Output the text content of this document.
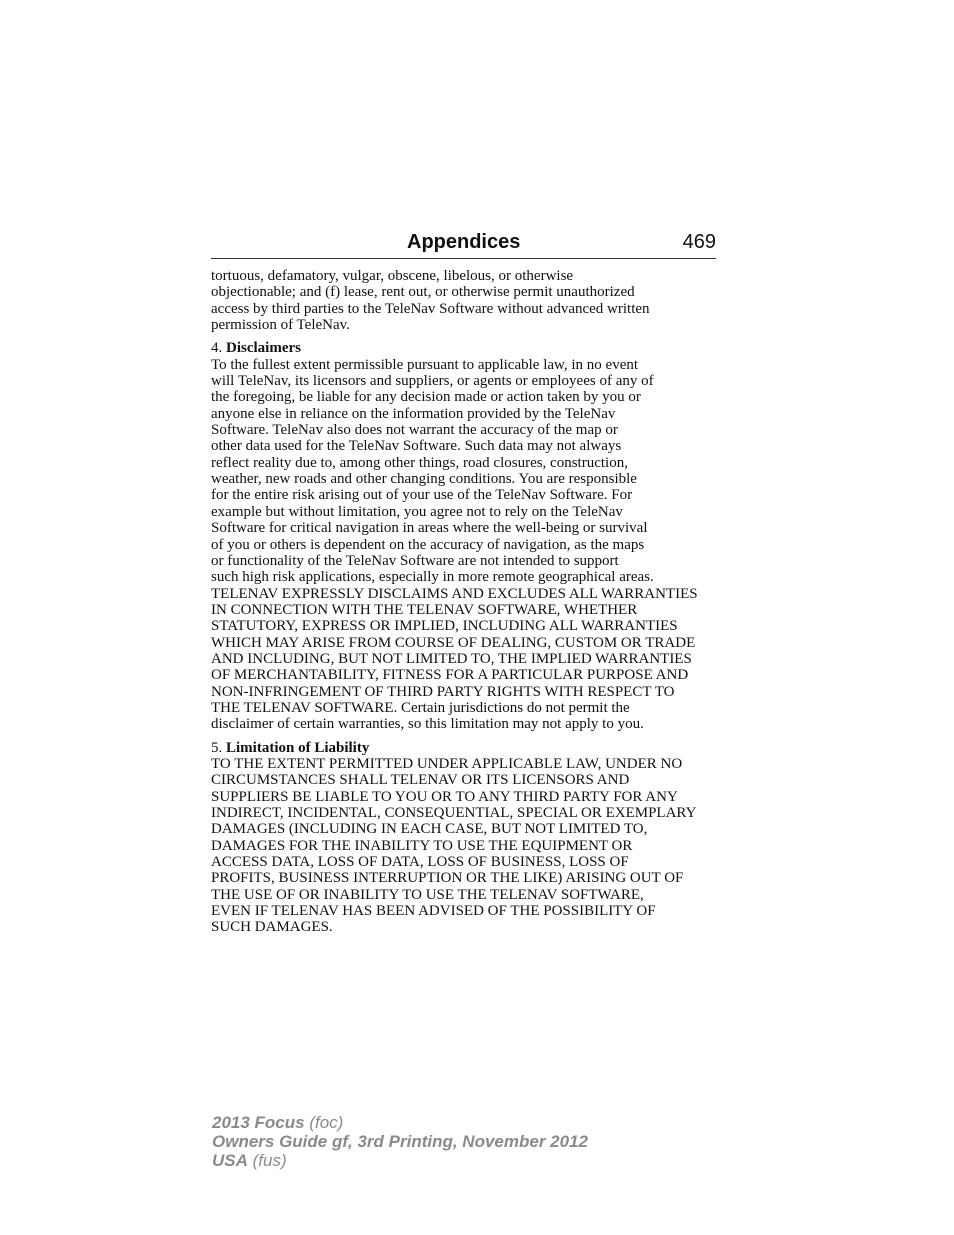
Appendices	469

tortuous, defamatory, vulgar, obscene, libelous, or otherwise

objectionable; and (f) lease, rent out, or otherwise permit unauthorized

access by third parties to the TeleNav Software without advanced written

permission of TeleNav.

4. Disclaimers

To the fullest extent permissible pursuant to applicable law, in no event

will TeleNav, its licensors and suppliers, or agents or employees of any of

the foregoing, be liable for any decision made or action taken by you or

anyone else in reliance on the information provided by the TeleNav

Software. TeleNav also does not warrant the accuracy of the map or

other data used for the TeleNav Software. Such data may not always

reflect reality due to, among other things, road closures, construction,

weather, new roads and other changing conditions. You are responsible

for the entire risk arising out of your use of the TeleNav Software. For

example but without limitation, you agree not to rely on the TeleNav

Software for critical navigation in areas where the well-being or survival

of you or others is dependent on the accuracy of navigation, as the maps

or functionality of the TeleNav Software are not intended to support

such high risk applications, especially in more remote geographical areas.

TELENAV EXPRESSLY DISCLAIMS AND EXCLUDES ALL WARRANTIES

IN CONNECTION WITH THE TELENAV SOFTWARE, WHETHER

STATUTORY, EXPRESS OR IMPLIED, INCLUDING ALL WARRANTIES

WHICH MAY ARISE FROM COURSE OF DEALING, CUSTOM OR TRADE

AND INCLUDING, BUT NOT LIMITED TO, THE IMPLIED WARRANTIES

OF MERCHANTABILITY, FITNESS FOR A PARTICULAR PURPOSE AND

NON-INFRINGEMENT OF THIRD PARTY RIGHTS WITH RESPECT TO

THE TELENAV SOFTWARE. Certain jurisdictions do not permit the

disclaimer of certain warranties, so this limitation may not apply to you.

5. Limitation of Liability

TO THE EXTENT PERMITTED UNDER APPLICABLE LAW, UNDER NO

CIRCUMSTANCES SHALL TELENAV OR ITS LICENSORS AND

SUPPLIERS BE LIABLE TO YOU OR TO ANY THIRD PARTY FOR ANY

INDIRECT, INCIDENTAL, CONSEQUENTIAL, SPECIAL OR EXEMPLARY

DAMAGES (INCLUDING IN EACH CASE, BUT NOT LIMITED TO,

DAMAGES FOR THE INABILITY TO USE THE EQUIPMENT OR

ACCESS DATA, LOSS OF DATA, LOSS OF BUSINESS, LOSS OF

PROFITS, BUSINESS INTERRUPTION OR THE LIKE) ARISING OUT OF

THE USE OF OR INABILITY TO USE THE TELENAV SOFTWARE,

EVEN IF TELENAV HAS BEEN ADVISED OF THE POSSIBILITY OF

SUCH DAMAGES.

2013 Focus (foc)
Owners Guide gf, 3rd Printing, November 2012
USA (fus)
